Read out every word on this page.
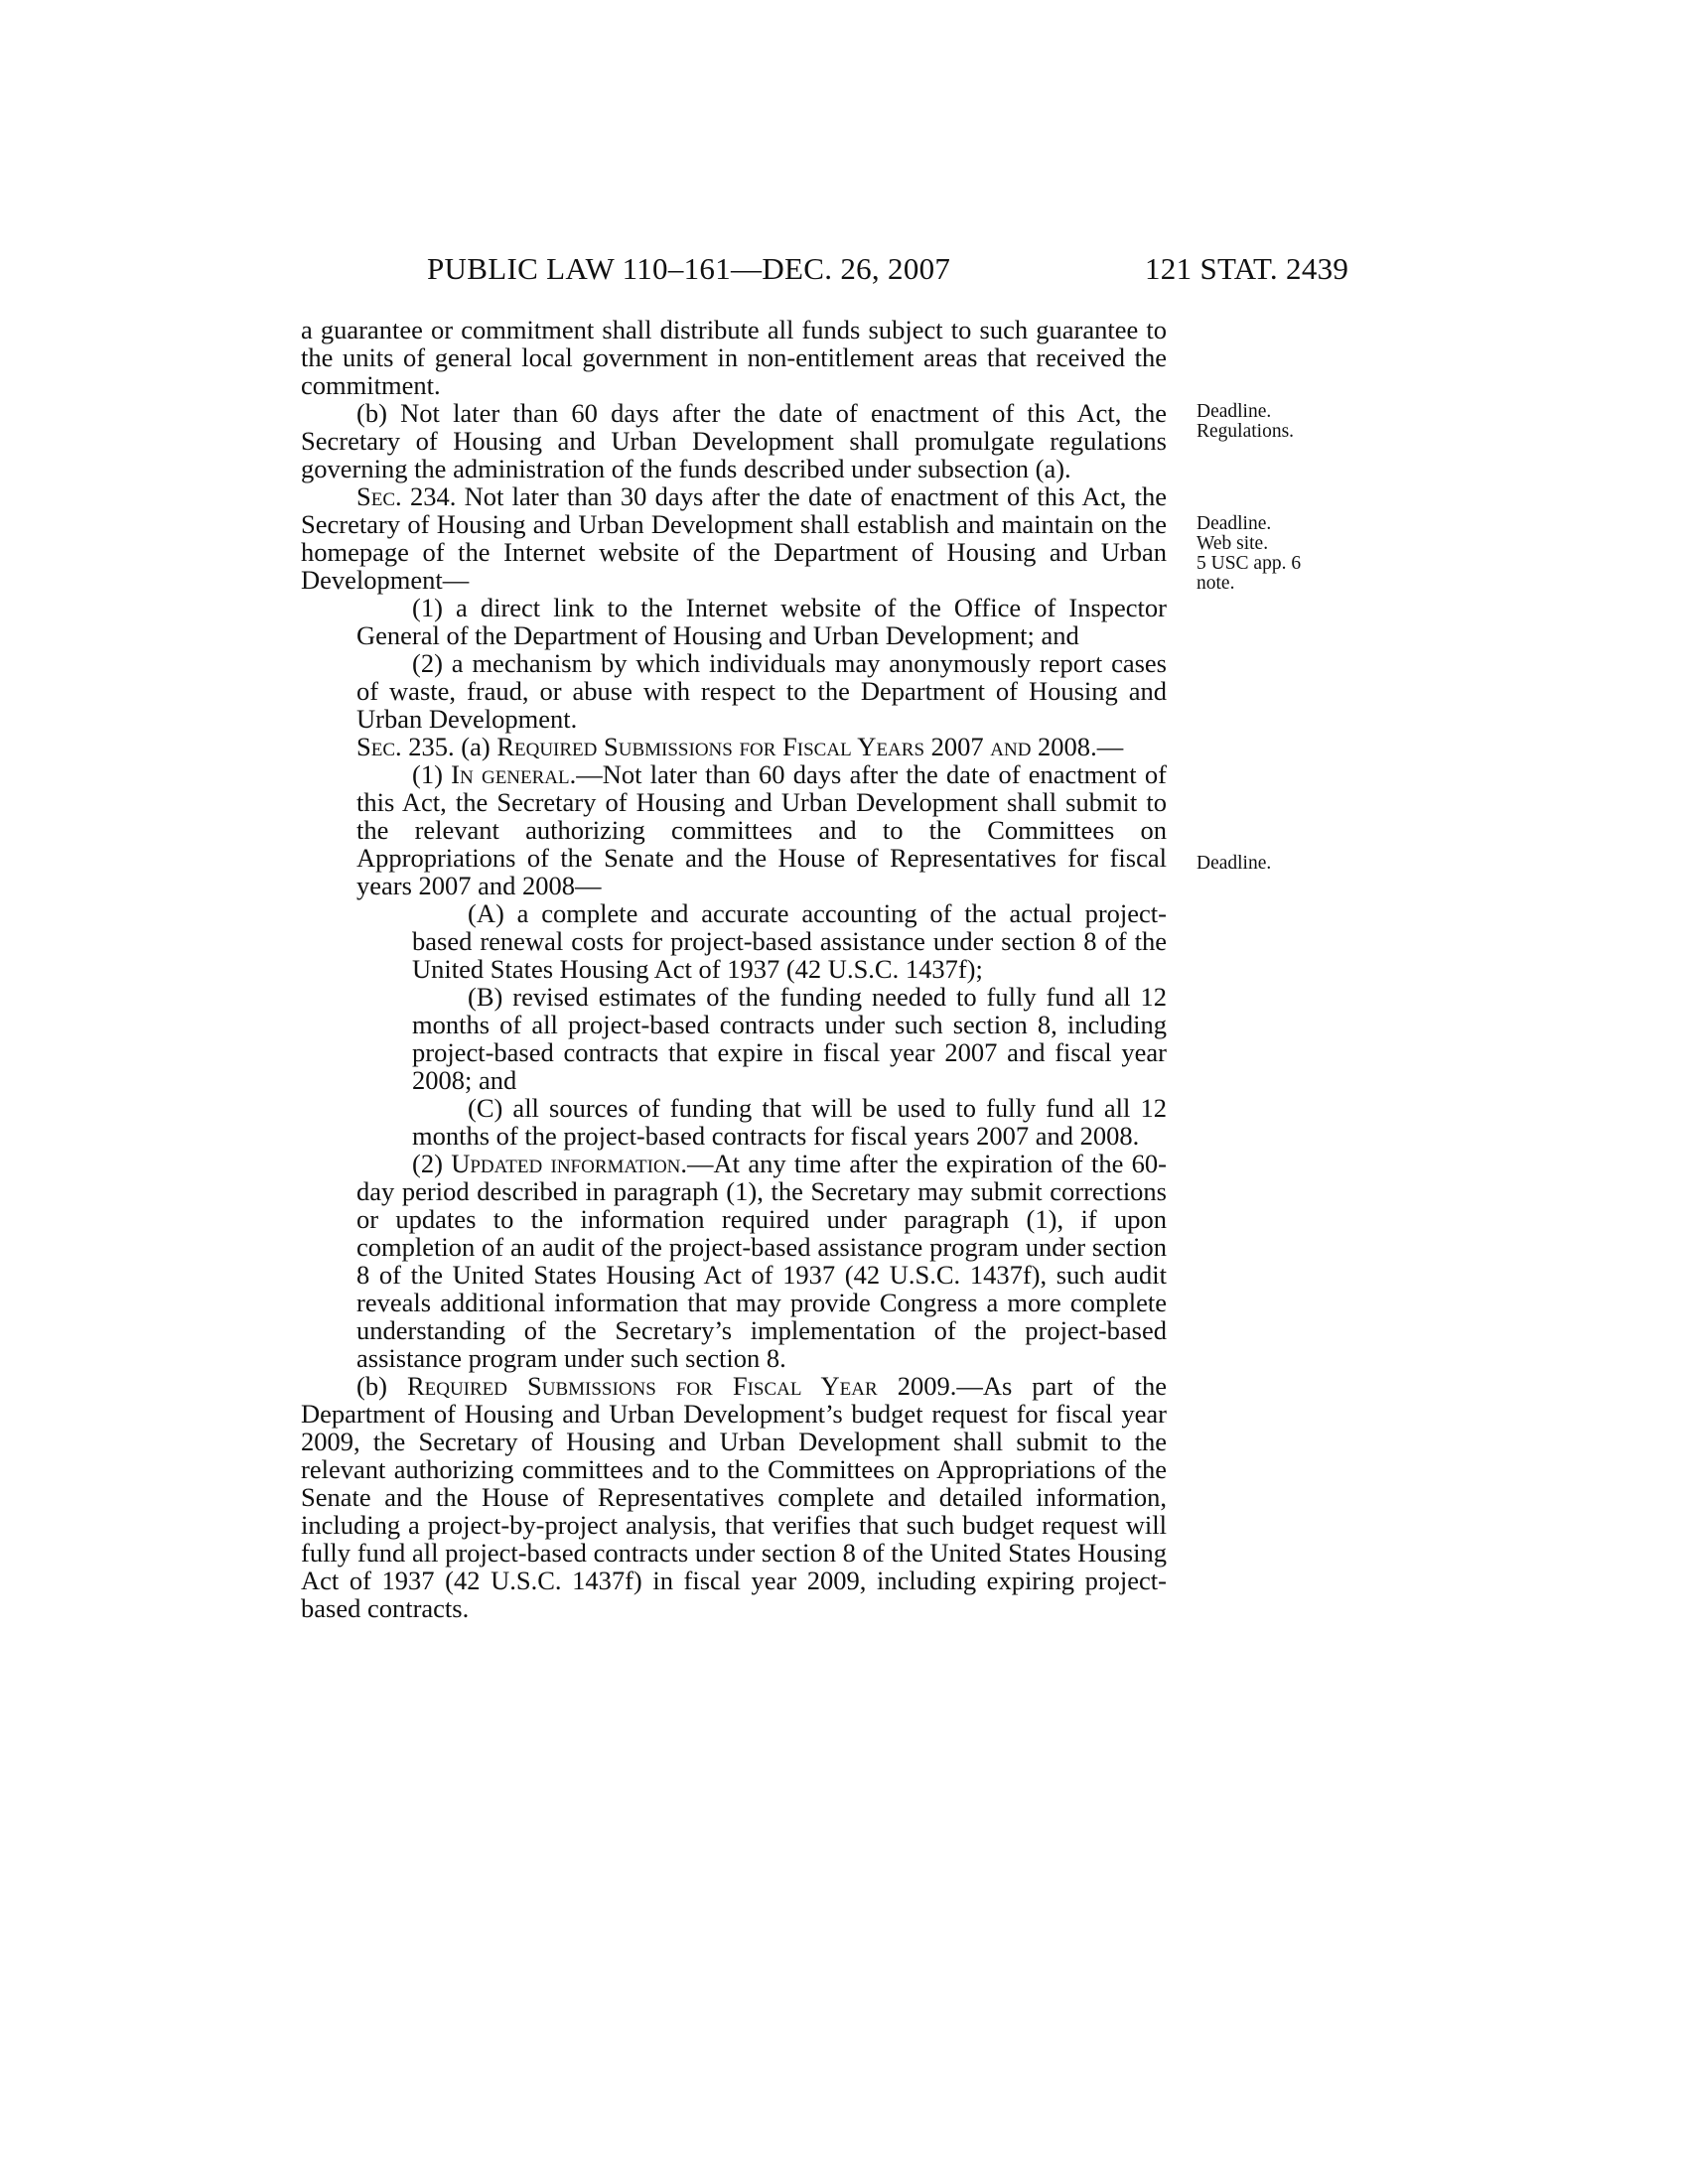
PUBLIC LAW 110–161—DEC. 26, 2007	121 STAT. 2439

a guarantee or commitment shall distribute all funds subject to such guarantee to the units of general local government in non-entitlement areas that received the commitment.

(b) Not later than 60 days after the date of enactment of this Act, the Secretary of Housing and Urban Development shall promulgate regulations governing the administration of the funds described under subsection (a).

Sec. 234. Not later than 30 days after the date of enactment of this Act, the Secretary of Housing and Urban Development shall establish and maintain on the homepage of the Internet website of the Department of Housing and Urban Development—

(1) a direct link to the Internet website of the Office of Inspector General of the Department of Housing and Urban Development; and

(2) a mechanism by which individuals may anonymously report cases of waste, fraud, or abuse with respect to the Department of Housing and Urban Development.

Sec. 235. (a) Required Submissions for Fiscal Years 2007 and 2008.—

(1) In general.—Not later than 60 days after the date of enactment of this Act, the Secretary of Housing and Urban Development shall submit to the relevant authorizing committees and to the Committees on Appropriations of the Senate and the House of Representatives for fiscal years 2007 and 2008—

(A) a complete and accurate accounting of the actual project-based renewal costs for project-based assistance under section 8 of the United States Housing Act of 1937 (42 U.S.C. 1437f);

(B) revised estimates of the funding needed to fully fund all 12 months of all project-based contracts under such section 8, including project-based contracts that expire in fiscal year 2007 and fiscal year 2008; and

(C) all sources of funding that will be used to fully fund all 12 months of the project-based contracts for fiscal years 2007 and 2008.

(2) Updated information.—At any time after the expiration of the 60-day period described in paragraph (1), the Secretary may submit corrections or updates to the information required under paragraph (1), if upon completion of an audit of the project-based assistance program under section 8 of the United States Housing Act of 1937 (42 U.S.C. 1437f), such audit reveals additional information that may provide Congress a more complete understanding of the Secretary’s implementation of the project-based assistance program under such section 8.

(b) Required Submissions for Fiscal Year 2009.—As part of the Department of Housing and Urban Development’s budget request for fiscal year 2009, the Secretary of Housing and Urban Development shall submit to the relevant authorizing committees and to the Committees on Appropriations of the Senate and the House of Representatives complete and detailed information, including a project-by-project analysis, that verifies that such budget request will fully fund all project-based contracts under section 8 of the United States Housing Act of 1937 (42 U.S.C. 1437f) in fiscal year 2009, including expiring project-based contracts.

Deadline.
Regulations.
Deadline.
Web site.
5 USC app. 6
note.
Deadline.
